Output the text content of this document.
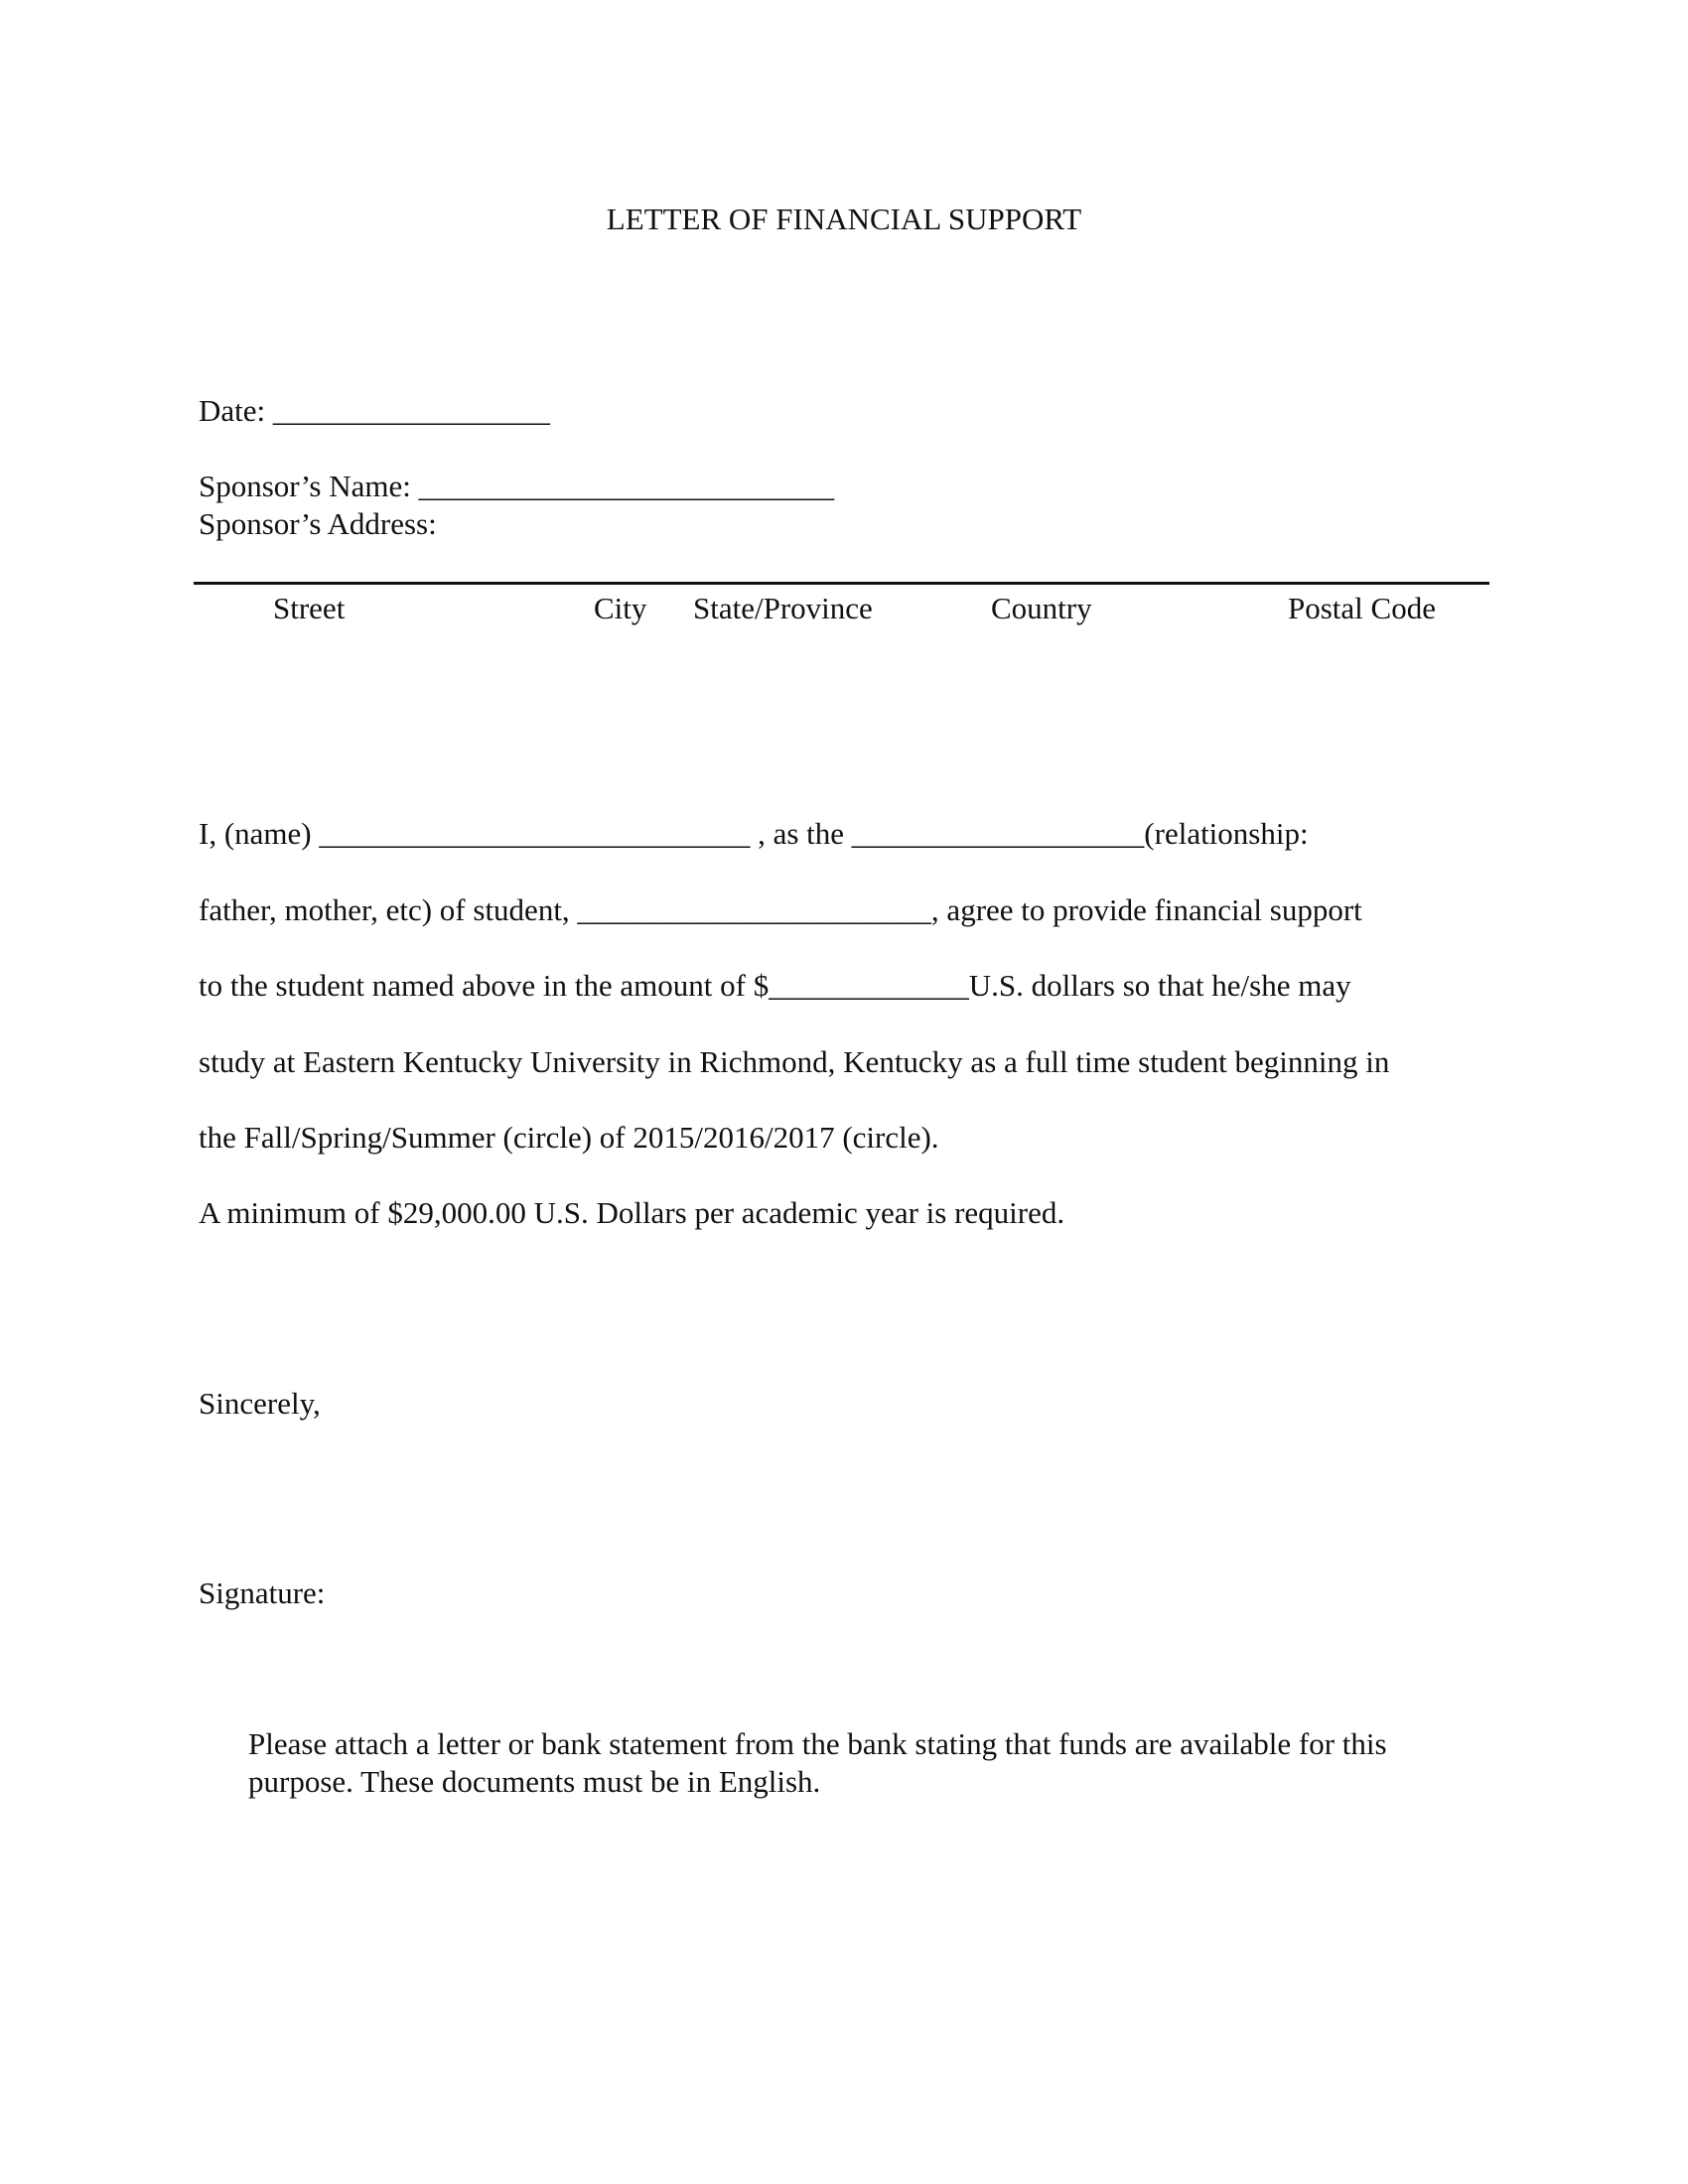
LETTER OF FINANCIAL SUPPORT
Date: __________________
Sponsor’s Name: ___________________________
Sponsor’s Address:
Street	City State/Province	Country	Postal Code
I, (name) ____________________________ , as the ___________________(relationship:
father, mother, etc) of student, _______________________, agree to provide financial support
to the student named above in the amount of $_____________U.S. dollars so that he/she may
study at Eastern Kentucky University in Richmond, Kentucky as a full time student beginning in
the Fall/Spring/Summer (circle) of 2015/2016/2017 (circle).
A minimum of $29,000.00 U.S. Dollars per academic year is required.
Sincerely,
Signature:
Please attach a letter or bank statement from the bank stating that funds are available for this
purpose. These documents must be in English.
